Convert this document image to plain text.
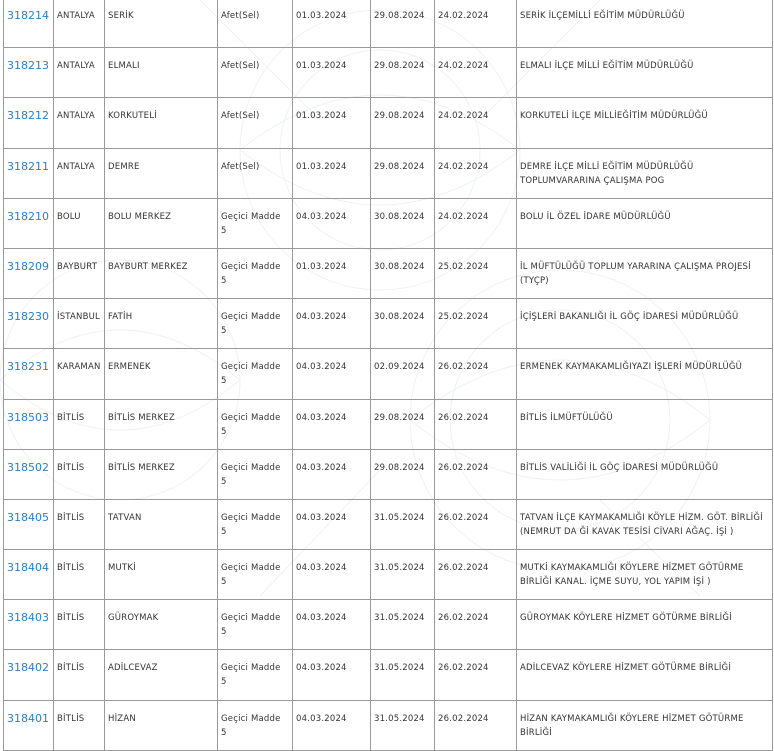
318214	ANTALYA	SERİK	Afet(Sel)	01.03.2024	29.08.2024	24.02.2024	SERİK İLÇEMİLLİ EĞİTİM MÜDÜRLÜĞÜ
318213	ANTALYA	ELMALI	Afet(Sel)	01.03.2024	29.08.2024	24.02.2024	ELMALI İLÇE MİLLİ EĞİTİM MÜDÜRLÜĞÜ
318212	ANTALYA	KORKUTELİ	Afet(Sel)	01.03.2024	29.08.2024	24.02.2024	KORKUTELİ İLÇE MİLLİEĞİTİM MÜDÜRLÜĞÜ
318211	ANTALYA	DEMRE	Afet(Sel)	01.03.2024	29.08.2024	24.02.2024	DEMRE İLÇE MİLLİ EĞİTİM MÜDÜRLÜĞÜ TOPLUMVARARINA ÇALIŞMA POG
318210	BOLU	BOLU MERKEZ	Geçici Madde 5	04.03.2024	30.08.2024	24.02.2024	BOLU İL ÖZEL İDARE MÜDÜRLÜĞÜ
318209	BAYBURT	BAYBURT MERKEZ	Geçici Madde 5	01.03.2024	30.08.2024	25.02.2024	İL MÜFTÜLÜĞÜ TOPLUM YARARINA ÇALIŞMA PROJESİ (TYÇP)
318230	İSTANBUL	FATİH	Geçici Madde 5	04.03.2024	30.08.2024	25.02.2024	İÇİŞLERİ BAKANLIĞI İL GÖÇ İDARESİ MÜDÜRLÜĞÜ
318231	KARAMAN	ERMENEK	Geçici Madde 5	04.03.2024	02.09.2024	26.02.2024	ERMENEK KAYMAKAMLIĞIYAZI İŞLERİ MÜDÜRLÜĞÜ
318503	BİTLİS	BİTLİS MERKEZ	Geçici Madde 5	04.03.2024	29.08.2024	26.02.2024	BİTLİS İLMÜFTÜLÜĞÜ
318502	BİTLİS	BİTLİS MERKEZ	Geçici Madde 5	04.03.2024	29.08.2024	26.02.2024	BİTLİS VALİLİĞİ İL GÖÇ İDARESİ MÜDÜRLÜĞÜ
318405	BİTLİS	TATVAN	Geçici Madde 5	04.03.2024	31.05.2024	26.02.2024	TATVAN İLÇE KAYMAKAMLIĞI KÖYLE HİZM. GÖT. BİRLİĞİ (NEMRUT DA Ğİ KAVAK TESİSİ CİVARI AĞAÇ. İŞİ )
318404	BİTLİS	MUTKİ	Geçici Madde 5	04.03.2024	31.05.2024	26.02.2024	MUTKİ KAYMAKAMLIĞI KÖYLERE HİZMET GÖTÜRME BİRLİĞİ KANAL. İÇME SUYU, YOL YAPIM İŞİ )
318403	BİTLİS	GÜROYMAK	Geçici Madde 5	04.03.2024	31.05.2024	26.02.2024	GÜROYMAK KÖYLERE HİZMET GÖTÜRME BİRLİĞİ
318402	BİTLİS	ADİLCEVAZ	Geçici Madde 5	04.03.2024	31.05.2024	26.02.2024	ADİLCEVAZ KÖYLERE HİZMET GÖTÜRME BİRLİĞİ
318401	BİTLİS	HİZAN	Geçici Madde 5	04.03.2024	31.05.2024	26.02.2024	HİZAN KAYMAKAMLIĞI KÖYLERE HİZMET GÖTÜRME BİRLİĞİ
